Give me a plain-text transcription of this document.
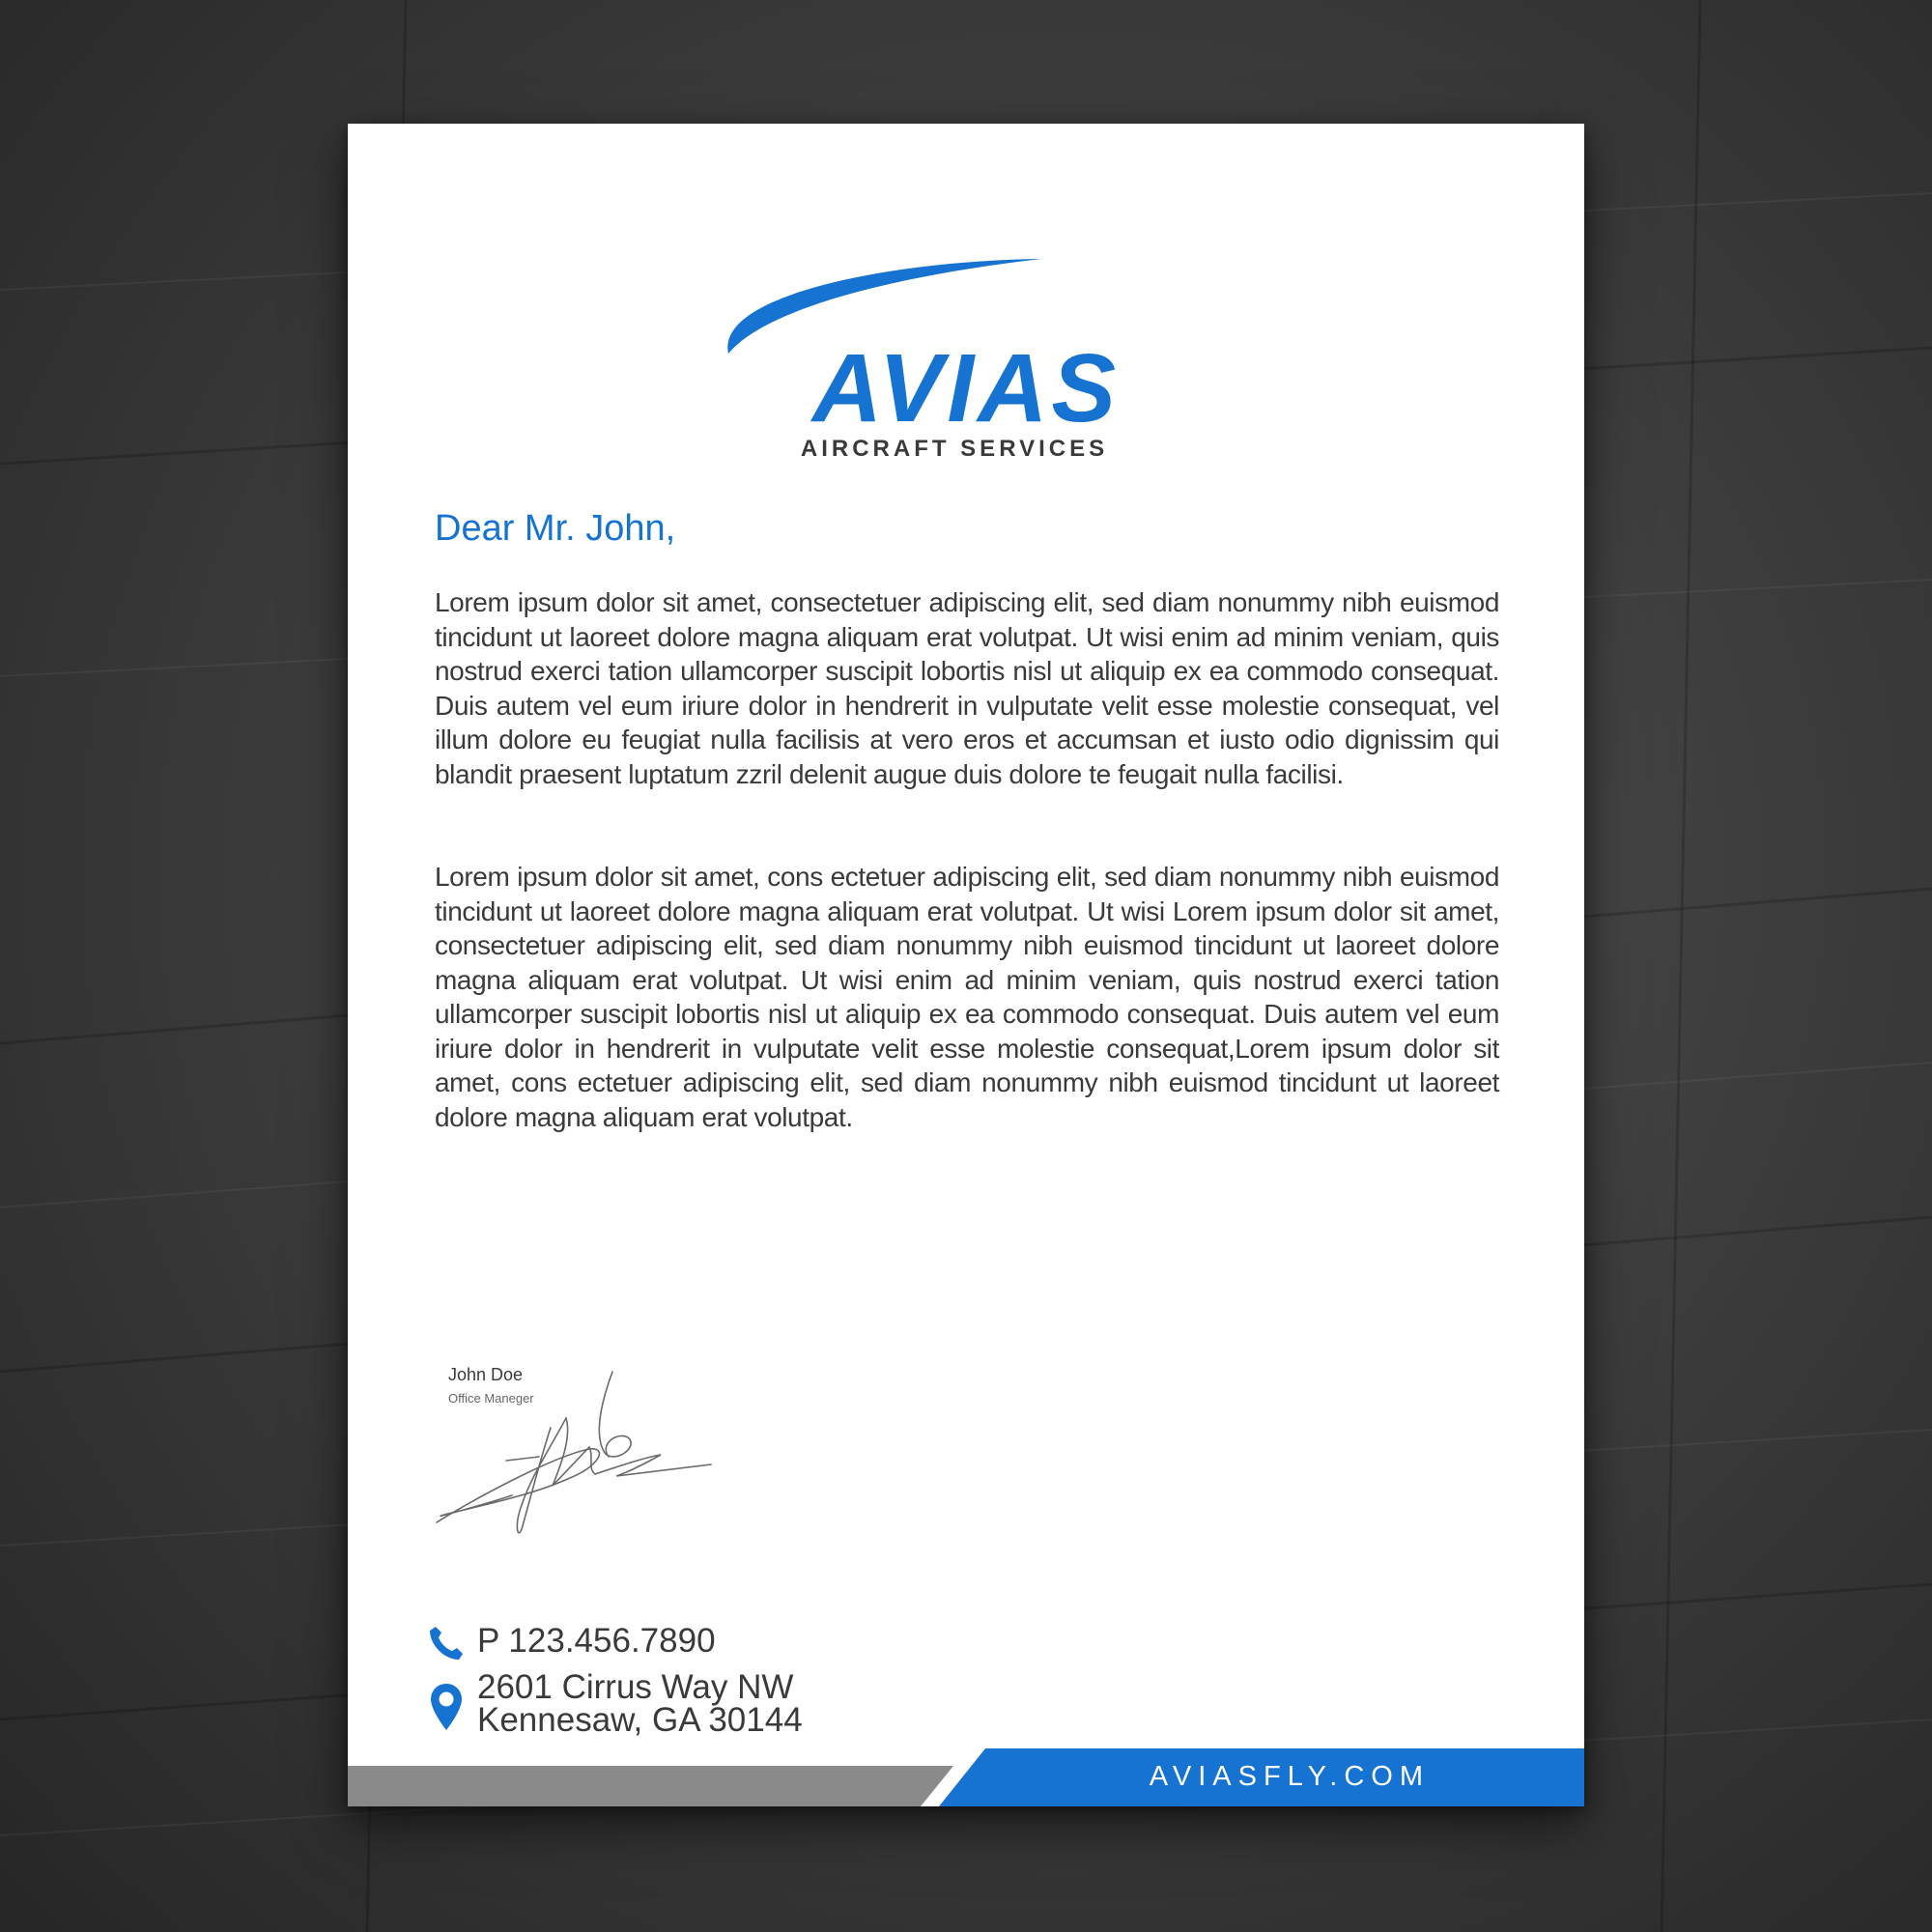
AVIAS
AIRCRAFT SERVICES
Dear Mr. John,

Lorem ipsum dolor sit amet, consectetuer adipiscing elit, sed diam nonummy nibh euismod tincidunt ut laoreet dolore magna aliquam erat volutpat. Ut wisi enim ad minim veniam, quis nostrud exerci tation ullamcorper suscipit lobortis nisl ut aliquip ex ea commodo consequat. Duis autem vel eum iriure dolor in hendrerit in vulputate velit esse molestie consequat, vel illum dolore eu feugiat nulla facilisis at vero eros et accumsan et iusto odio dignissim qui blandit praesent luptatum zzril delenit augue duis dolore te feugait nulla facilisi.

Lorem ipsum dolor sit amet, cons ectetuer adipiscing elit, sed diam nonummy nibh euismod tincidunt ut laoreet dolore magna aliquam erat volutpat. Ut wisi Lorem ipsum dolor sit amet, consectetuer adipiscing elit, sed diam nonummy nibh euismod tincidunt ut laoreet dolore magna aliquam erat volutpat. Ut wisi enim ad minim veniam, quis nostrud exerci tation ullamcorper suscipit lobortis nisl ut aliquip ex ea commodo consequat. Duis autem vel eum iriure dolor in hendrerit in vulputate velit esse molestie consequat,Lorem ipsum dolor sit amet, cons ectetuer adipiscing elit, sed diam nonummy nibh euismod tincidunt ut laoreet dolore magna aliquam erat volutpat.

John Doe
Office Maneger
P 123.456.7890
2601 Cirrus Way NW
Kennesaw, GA 30144
AVIASFLY.COM
